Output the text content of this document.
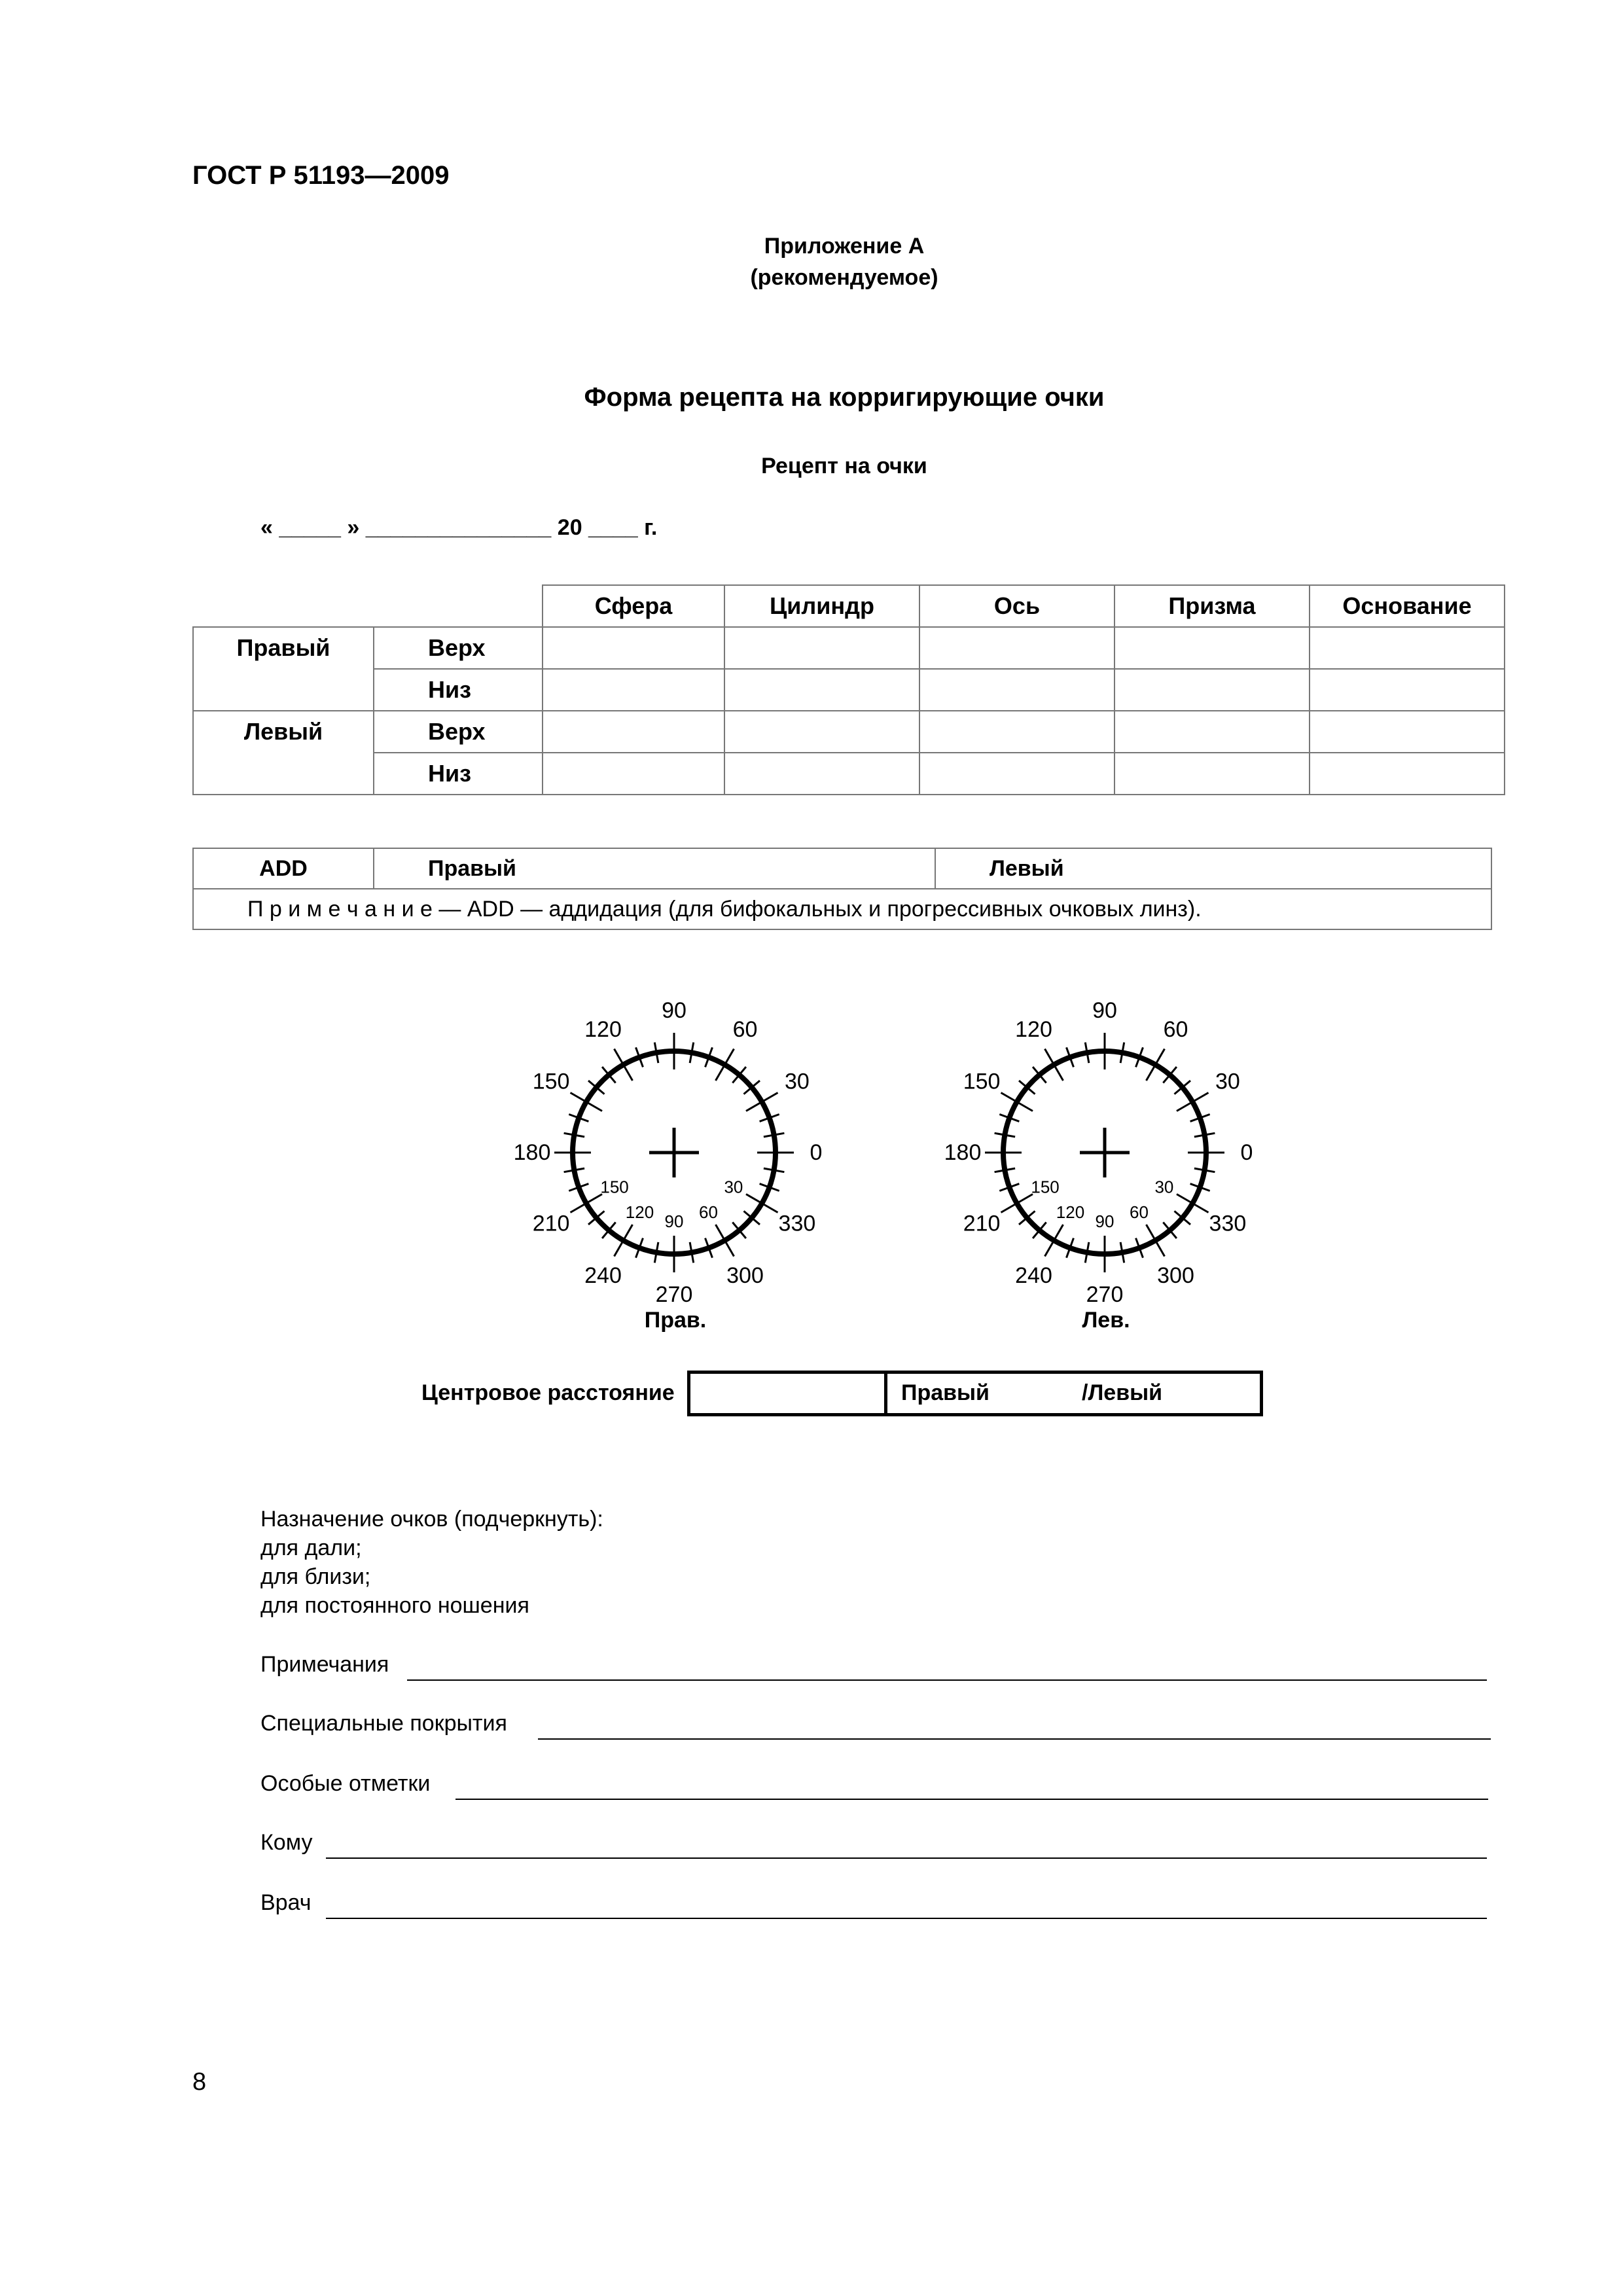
ГОСТ Р 51193—2009
Приложение А
(рекомендуемое)
Форма рецепта на корригирующие очки
Рецепт на очки
« _____ » _______________ 20 ____ г.
		Сфера	Цилиндр	Ось	Призма	Основание
Правый	Верх					
	Низ					
Левый	Верх					
	Низ					
ADD	Правый	Левый
П р и м е ч а н и е — ADD — аддидация (для бифокальных и прогрессивных очковых линз).
0
30
60
90
120
150
180
210
240
270
300
330
30
60
90
120
150
0
30
60
90
120
150
180
210
240
270
300
330
30
60
90
120
150
Прав.	Лев.
Центровое расстояние	Правый	/Левый
Назначение очков (подчеркнуть):
для дали;
для близи;
для постоянного ношения
Примечания
Специальные покрытия
Особые отметки
Кому
Врач
8
